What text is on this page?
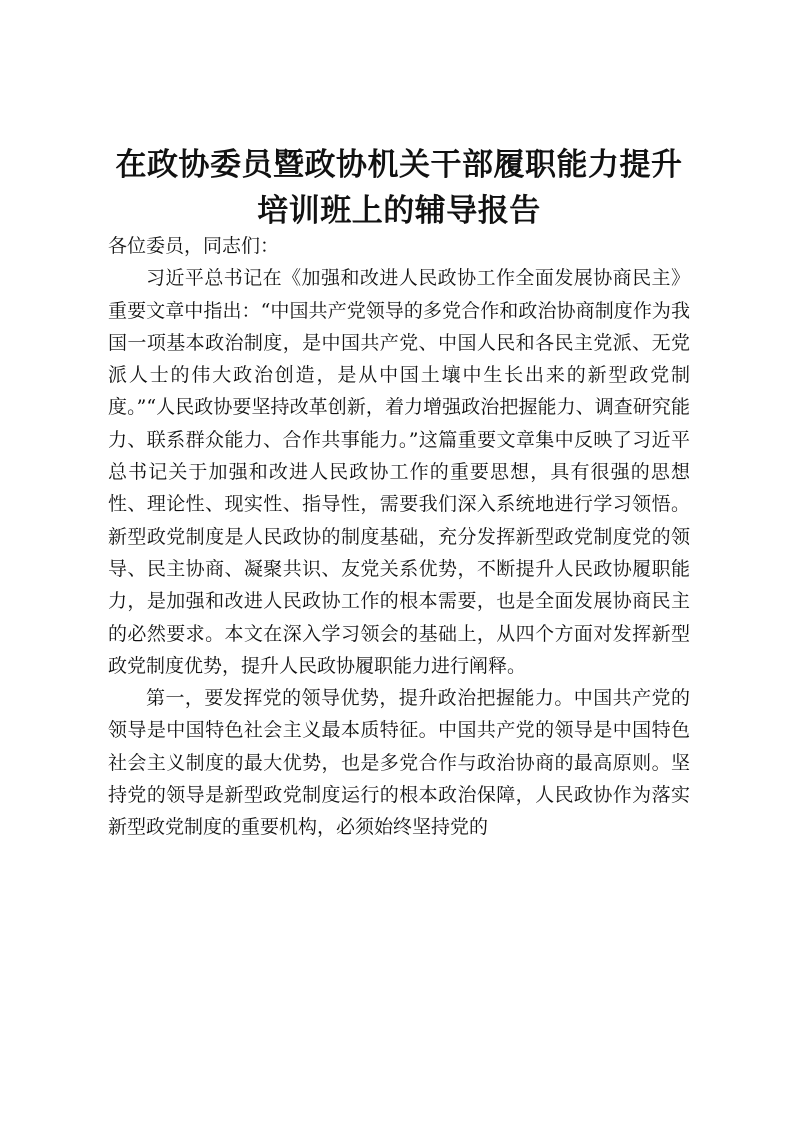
在政协委员暨政协机关干部履职能力提升培训班上的辅导报告

各位委员，同志们：

习近平总书记在《加强和改进人民政协工作全面发展协商民主》重要文章中指出：“中国共产党领导的多党合作和政治协商制度作为我国一项基本政治制度，是中国共产党、中国人民和各民主党派、无党派人士的伟大政治创造，是从中国土壤中生长出来的新型政党制度。”“人民政协要坚持改革创新，着力增强政治把握能力、调查研究能力、联系群众能力、合作共事能力。”这篇重要文章集中反映了习近平总书记关于加强和改进人民政协工作的重要思想，具有很强的思想性、理论性、现实性、指导性，需要我们深入系统地进行学习领悟。新型政党制度是人民政协的制度基础，充分发挥新型政党制度党的领导、民主协商、凝聚共识、友党关系优势，不断提升人民政协履职能力，是加强和改进人民政协工作的根本需要，也是全面发展协商民主的必然要求。本文在深入学习领会的基础上，从四个方面对发挥新型政党制度优势，提升人民政协履职能力进行阐释。

第一，要发挥党的领导优势，提升政治把握能力。中国共产党的领导是中国特色社会主义最本质特征。中国共产党的领导是中国特色社会主义制度的最大优势，也是多党合作与政治协商的最高原则。坚持党的领导是新型政党制度运行的根本政治保障，人民政协作为落实新型政党制度的重要机构，必须始终坚持党的
